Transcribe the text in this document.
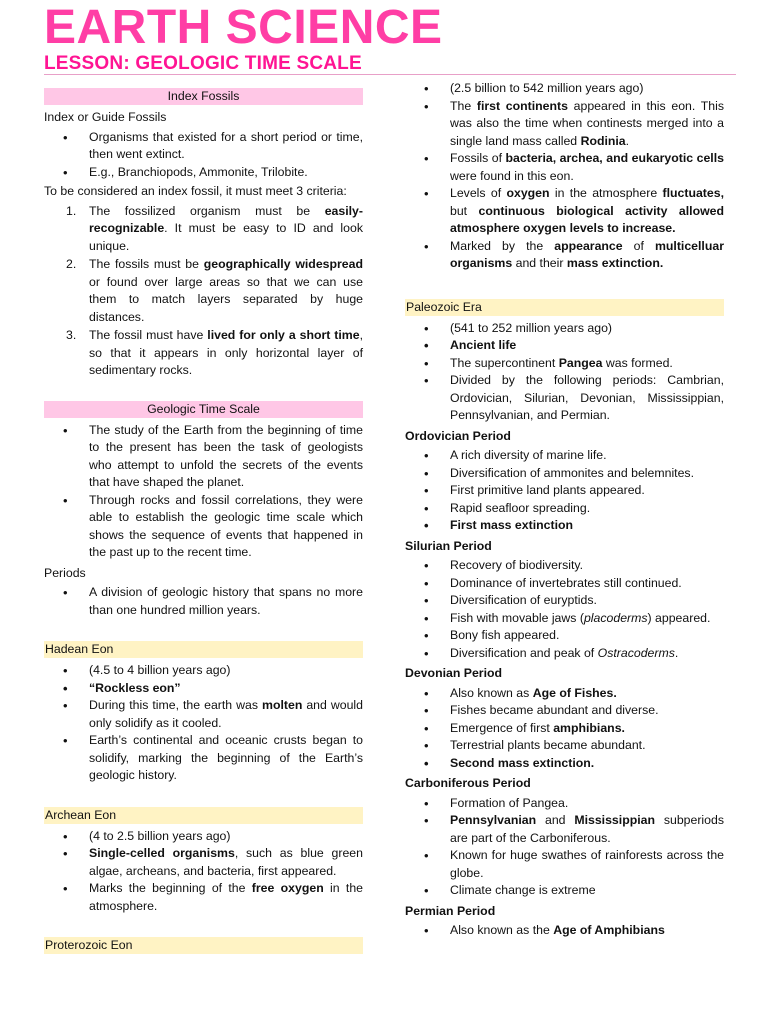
EARTH SCIENCE
LESSON: GEOLOGIC TIME SCALE
Index Fossils
Index or Guide Fossils
• Organisms that existed for a short period or time, then went extinct.
• E.g., Branchiopods, Ammonite, Trilobite.

To be considered an index fossil, it must meet 3 criteria:

1. The fossilized organism must be easily-recognizable. It must be easy to ID and look unique.
2. The fossils must be geographically widespread or found over large areas so that we can use them to match layers separated by huge distances.
3. The fossil must have lived for only a short time, so that it appears in only horizontal layer of sedimentary rocks.
Geologic Time Scale
• The study of the Earth from the beginning of time to the present has been the task of geologists who attempt to unfold the secrets of the events that have shaped the planet.
• Through rocks and fossil correlations, they were able to establish the geologic time scale which shows the sequence of events that happened in the past up to the recent time.
Periods
• A division of geologic history that spans no more than one hundred million years.
Hadean Eon
• (4.5 to 4 billion years ago)
• “Rockless eon”
• During this time, the earth was molten and would only solidify as it cooled.
• Earth’s continental and oceanic crusts began to solidify, marking the beginning of the Earth’s geologic history.
Archean Eon
• (4 to 2.5 billion years ago)
• Single-celled organisms, such as blue green algae, archeans, and bacteria, first appeared.
• Marks the beginning of the free oxygen in the atmosphere.
Proterozoic Eon
• (2.5 billion to 542 million years ago)
• The first continents appeared in this eon. This was also the time when continests merged into a single land mass called Rodinia.
• Fossils of bacteria, archea, and eukaryotic cells were found in this eon.
• Levels of oxygen in the atmosphere fluctuates, but continuous biological activity allowed atmosphere oxygen levels to increase.
• Marked by the appearance of multicelluar organisms and their mass extinction.
Paleozoic Era
• (541 to 252 million years ago)
• Ancient life
• The supercontinent Pangea was formed.
• Divided by the following periods: Cambrian, Ordovician, Silurian, Devonian, Mississippian, Pennsylvanian, and Permian.
Ordovician Period
• A rich diversity of marine life.
• Diversification of ammonites and belemnites.
• First primitive land plants appeared.
• Rapid seafloor spreading.
• First mass extinction
Silurian Period
• Recovery of biodiversity.
• Dominance of invertebrates still continued.
• Diversification of euryptids.
• Fish with movable jaws (placoderms) appeared.
• Bony fish appeared.
• Diversification and peak of Ostracoderms.
Devonian Period
• Also known as Age of Fishes.
• Fishes became abundant and diverse.
• Emergence of first amphibians.
• Terrestrial plants became abundant.
• Second mass extinction.
Carboniferous Period
• Formation of Pangea.
• Pennsylvanian and Mississippian subperiods are part of the Carboniferous.
• Known for huge swathes of rainforests across the globe.
• Climate change is extreme
Permian Period
• Also known as the Age of Amphibians
